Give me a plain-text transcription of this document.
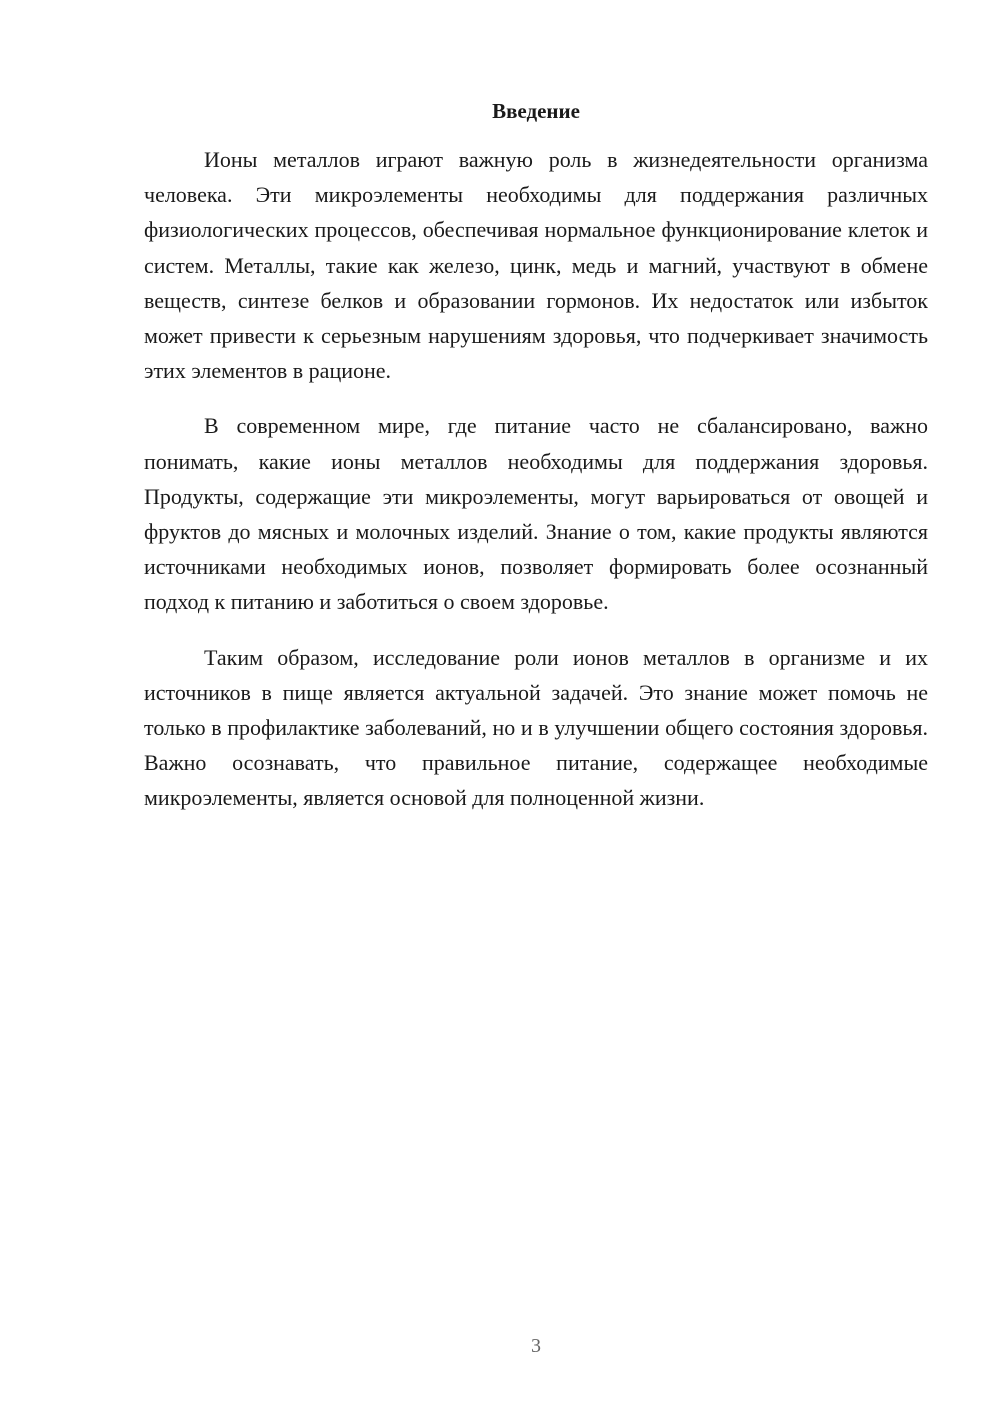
Введение

Ионы металлов играют важную роль в жизнедеятельности организма человека. Эти микроэлементы необходимы для поддержания различных физиологических процессов, обеспечивая нормальное функционирование клеток и систем. Металлы, такие как железо, цинк, медь и магний, участвуют в обмене веществ, синтезе белков и образовании гормонов. Их недостаток или избыток может привести к серьезным нарушениям здоровья, что подчеркивает значимость этих элементов в рационе.

В современном мире, где питание часто не сбалансировано, важно понимать, какие ионы металлов необходимы для поддержания здоровья. Продукты, содержащие эти микроэлементы, могут варьироваться от овощей и фруктов до мясных и молочных изделий. Знание о том, какие продукты являются источниками необходимых ионов, позволяет формировать более осознанный подход к питанию и заботиться о своем здоровье.

Таким образом, исследование роли ионов металлов в организме и их источников в пище является актуальной задачей. Это знание может помочь не только в профилактике заболеваний, но и в улучшении общего состояния здоровья. Важно осознавать, что правильное питание, содержащее необходимые микроэлементы, является основой для полноценной жизни.

3
